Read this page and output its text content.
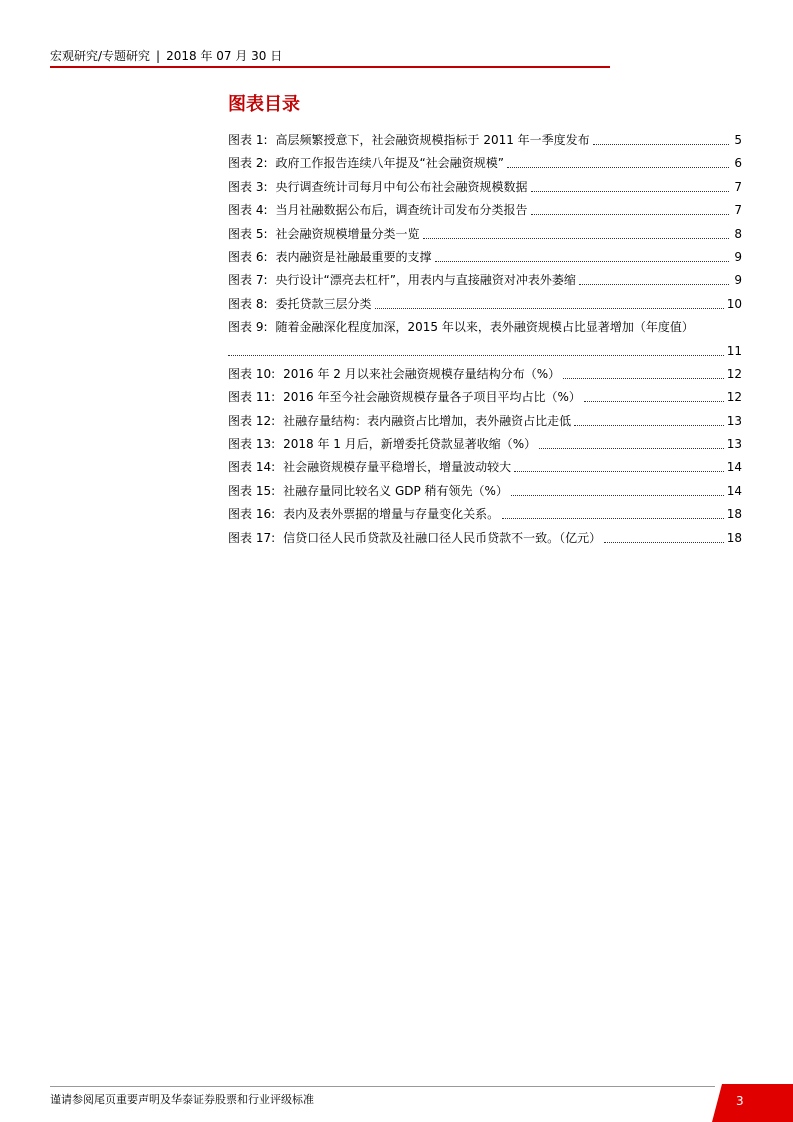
宏观研究/专题研究 | 2018 年 07 月 30 日
图表目录
图表 1: 高层频繁授意下，社会融资规模指标于 2011 年一季度发布	5
图表 2: 政府工作报告连续八年提及“社会融资规模”	6
图表 3: 央行调查统计司每月中旬公布社会融资规模数据	7
图表 4: 当月社融数据公布后，调查统计司发布分类报告	7
图表 5: 社会融资规模增量分类一览	8
图表 6: 表内融资是社融最重要的支撑	9
图表 7: 央行设计“漂亮去杠杆”，用表内与直接融资对冲表外萎缩	9
图表 8: 委托贷款三层分类	10
图表 9: 随着金融深化程度加深，2015 年以来，表外融资规模占比显著增加（年度值）
11
图表 10: 2016 年 2 月以来社会融资规模存量结构分布（%）	12
图表 11: 2016 年至今社会融资规模存量各子项目平均占比（%）	12
图表 12: 社融存量结构：表内融资占比增加，表外融资占比走低	13
图表 13: 2018 年 1 月后，新增委托贷款显著收缩（%）	13
图表 14: 社会融资规模存量平稳增长，增量波动较大	14
图表 15: 社融存量同比较名义 GDP 稍有领先（%）	14
图表 16: 表内及表外票据的增量与存量变化关系。	18
图表 17: 信贷口径人民币贷款及社融口径人民币贷款不一致。（亿元）	18
谨请参阅尾页重要声明及华泰证券股票和行业评级标准	3
